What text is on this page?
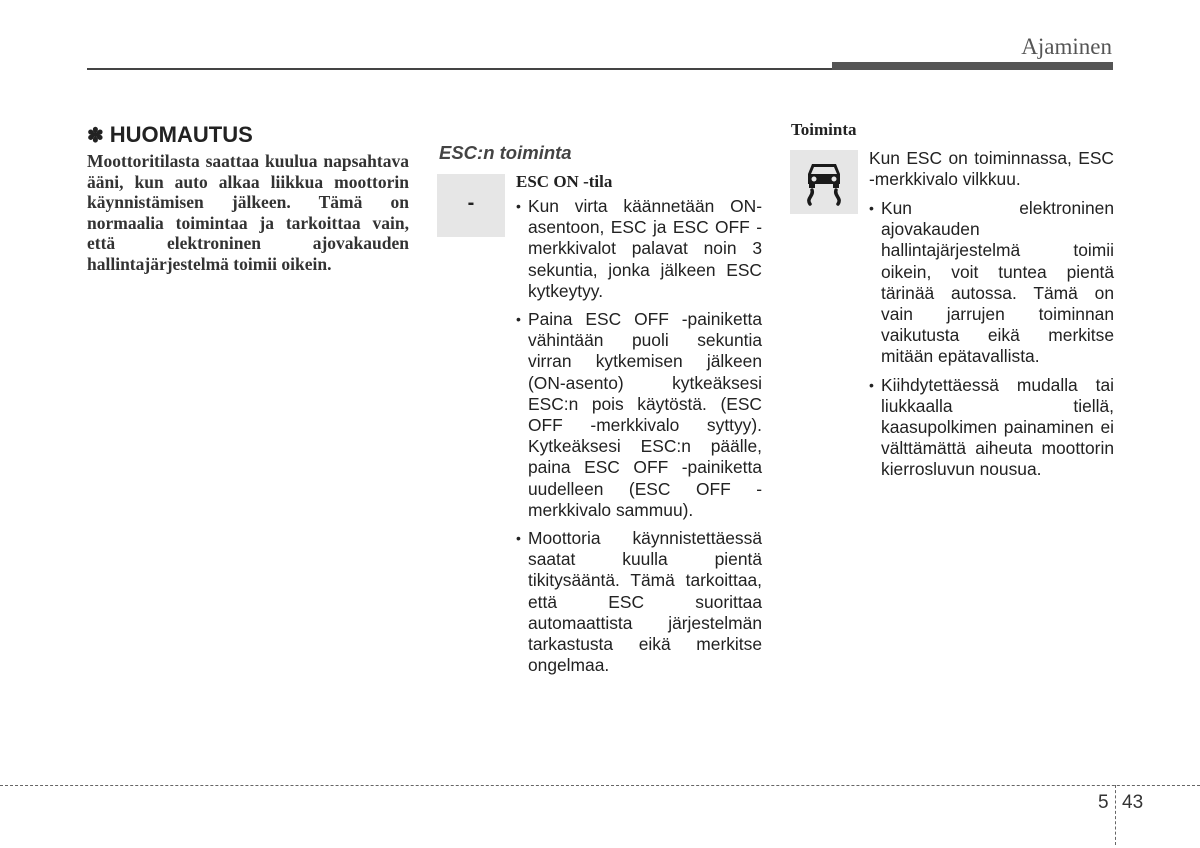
Ajaminen
✽ HUOMAUTUS
Moottoritilasta saattaa kuulua napsahtava ääni, kun auto alkaa liikkua moottorin käynnistämisen jälkeen. Tämä on normaalia toimintaa ja tarkoittaa vain, että elektroninen ajovakauden hallintajärjestelmä toimii oikein.
ESC:n toiminta
-
ESC ON -tila
• Kun virta käännetään ON-asentoon, ESC ja ESC OFF -merkkivalot palavat noin 3 sekuntia, jonka jälkeen ESC kytkeytyy.
• Paina ESC OFF -painiketta vähintään puoli sekuntia virran kytkemisen jälkeen (ON-asento) kytkeäksesi ESC:n pois käytöstä. (ESC OFF -merkkivalo syttyy). Kytkeäksesi ESC:n päälle, paina ESC OFF -painiketta uudelleen (ESC OFF -merkkivalo sammuu).
• Moottoria käynnistettäessä saatat kuulla pientä tikitysääntä. Tämä tarkoittaa, että ESC suorittaa automaattista järjestelmän tarkastusta eikä merkitse ongelmaa.
Toiminta
Kun ESC on toiminnassa, ESC -merkkivalo vilkkuu.
• Kun elektroninen ajovakauden hallintajärjestelmä toimii oikein, voit tuntea pientä tärinää autossa. Tämä on vain jarrujen toiminnan vaikutusta eikä merkitse mitään epätavallista.
• Kiihdytettäessä mudalla tai liukkaalla tiellä, kaasupolkimen painaminen ei välttämättä aiheuta moottorin kierrosluvun nousua.
5 43
